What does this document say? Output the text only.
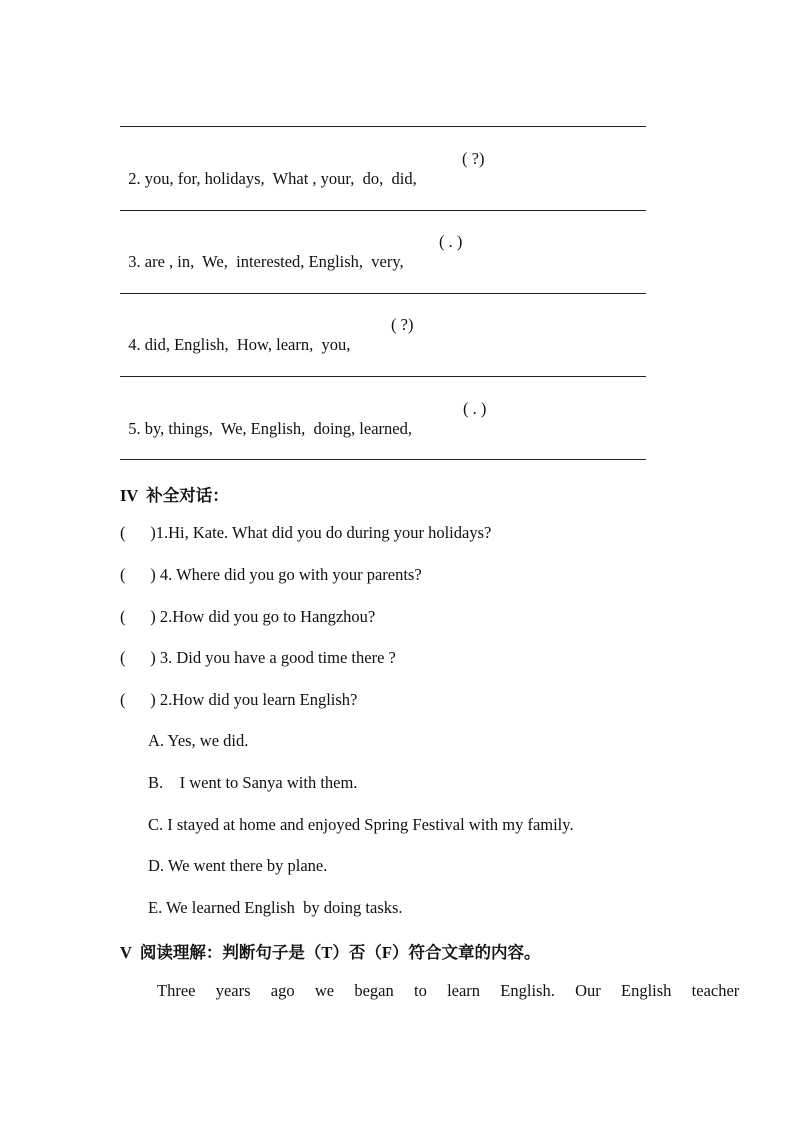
2. you, for, holidays,  What , your,  do,  did,

( ?)

3. are , in,  We,  interested, English,  very,

( . )

4. did, English,  How, learn,  you,

( ?)

5. by, things,  We, English,  doing, learned,

( . )
IV  补全对话：
(      )1.Hi, Kate. What did you do during your holidays?
(      ) 4. Where did you go with your parents?
(      ) 2.How did you go to Hangzhou?
(      ) 3. Did you have a good time there ?
(      ) 2.How did you learn English?
A. Yes, we did.
B.    I went to Sanya with them.
C. I stayed at home and enjoyed Spring Festival with my family.
D. We went there by plane.
E. We learned English  by doing tasks.
V  阅读理解：判断句子是（T）否（F）符合文章的内容。
Three  years  ago  we  began  to  learn  English.  Our  English  teacher
